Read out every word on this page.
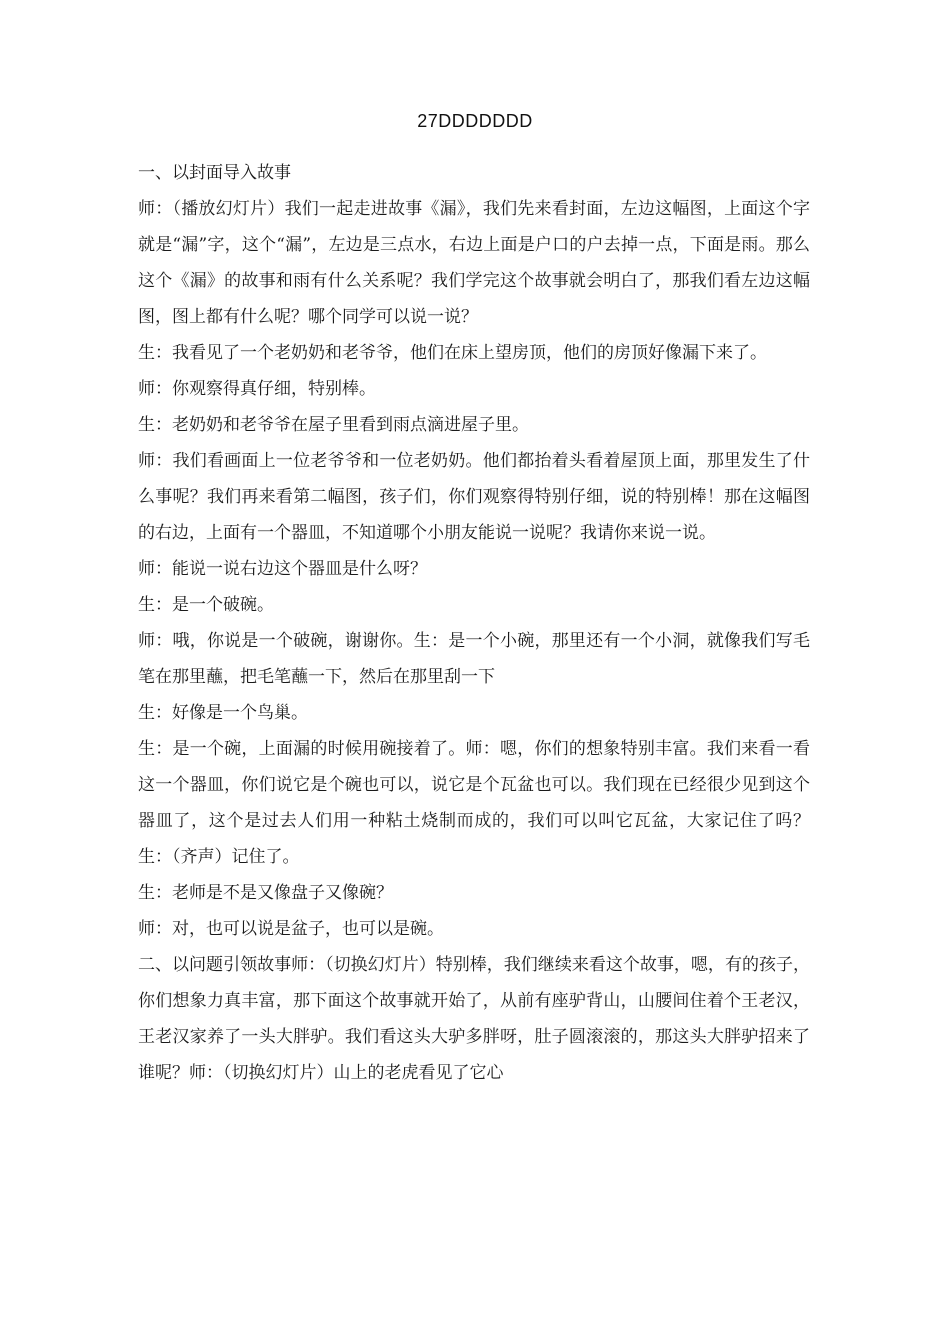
27DDDDDDD

一、以封面导入故事

师：（播放幻灯片）我们一起走进故事《漏》，我们先来看封面，左边这幅图，上面这个字就是“漏”字，这个“漏”，左边是三点水，右边上面是户口的户去掉一点，下面是雨。那么这个《漏》的故事和雨有什么关系呢？我们学完这个故事就会明白了，那我们看左边这幅图，图上都有什么呢？哪个同学可以说一说？

生：我看见了一个老奶奶和老爷爷，他们在床上望房顶，他们的房顶好像漏下来了。

师：你观察得真仔细，特别棒。

生：老奶奶和老爷爷在屋子里看到雨点滴进屋子里。

师：我们看画面上一位老爷爷和一位老奶奶。他们都抬着头看着屋顶上面，那里发生了什么事呢？我们再来看第二幅图，孩子们，你们观察得特别仔细，说的特别棒！那在这幅图的右边，上面有一个器皿，不知道哪个小朋友能说一说呢？我请你来说一说。

师：能说一说右边这个器皿是什么呀？

生：是一个破碗。

师：哦，你说是一个破碗，谢谢你。生：是一个小碗，那里还有一个小洞，就像我们写毛笔在那里蘸，把毛笔蘸一下，然后在那里刮一下

生：好像是一个鸟巢。

生：是一个碗，上面漏的时候用碗接着了。师：嗯，你们的想象特别丰富。我们来看一看这一个器皿，你们说它是个碗也可以，说它是个瓦盆也可以。我们现在已经很少见到这个器皿了，这个是过去人们用一种粘土烧制而成的，我们可以叫它瓦盆，大家记住了吗？生：（齐声）记住了。

生：老师是不是又像盘子又像碗？

师：对，也可以说是盆子，也可以是碗。

二、以问题引领故事师：（切换幻灯片）特别棒，我们继续来看这个故事，嗯，有的孩子，你们想象力真丰富，那下面这个故事就开始了，从前有座驴背山，山腰间住着个王老汉，王老汉家养了一头大胖驴。我们看这头大驴多胖呀，肚子圆滚滚的，那这头大胖驴招来了谁呢？师：（切换幻灯片）山上的老虎看见了它心
